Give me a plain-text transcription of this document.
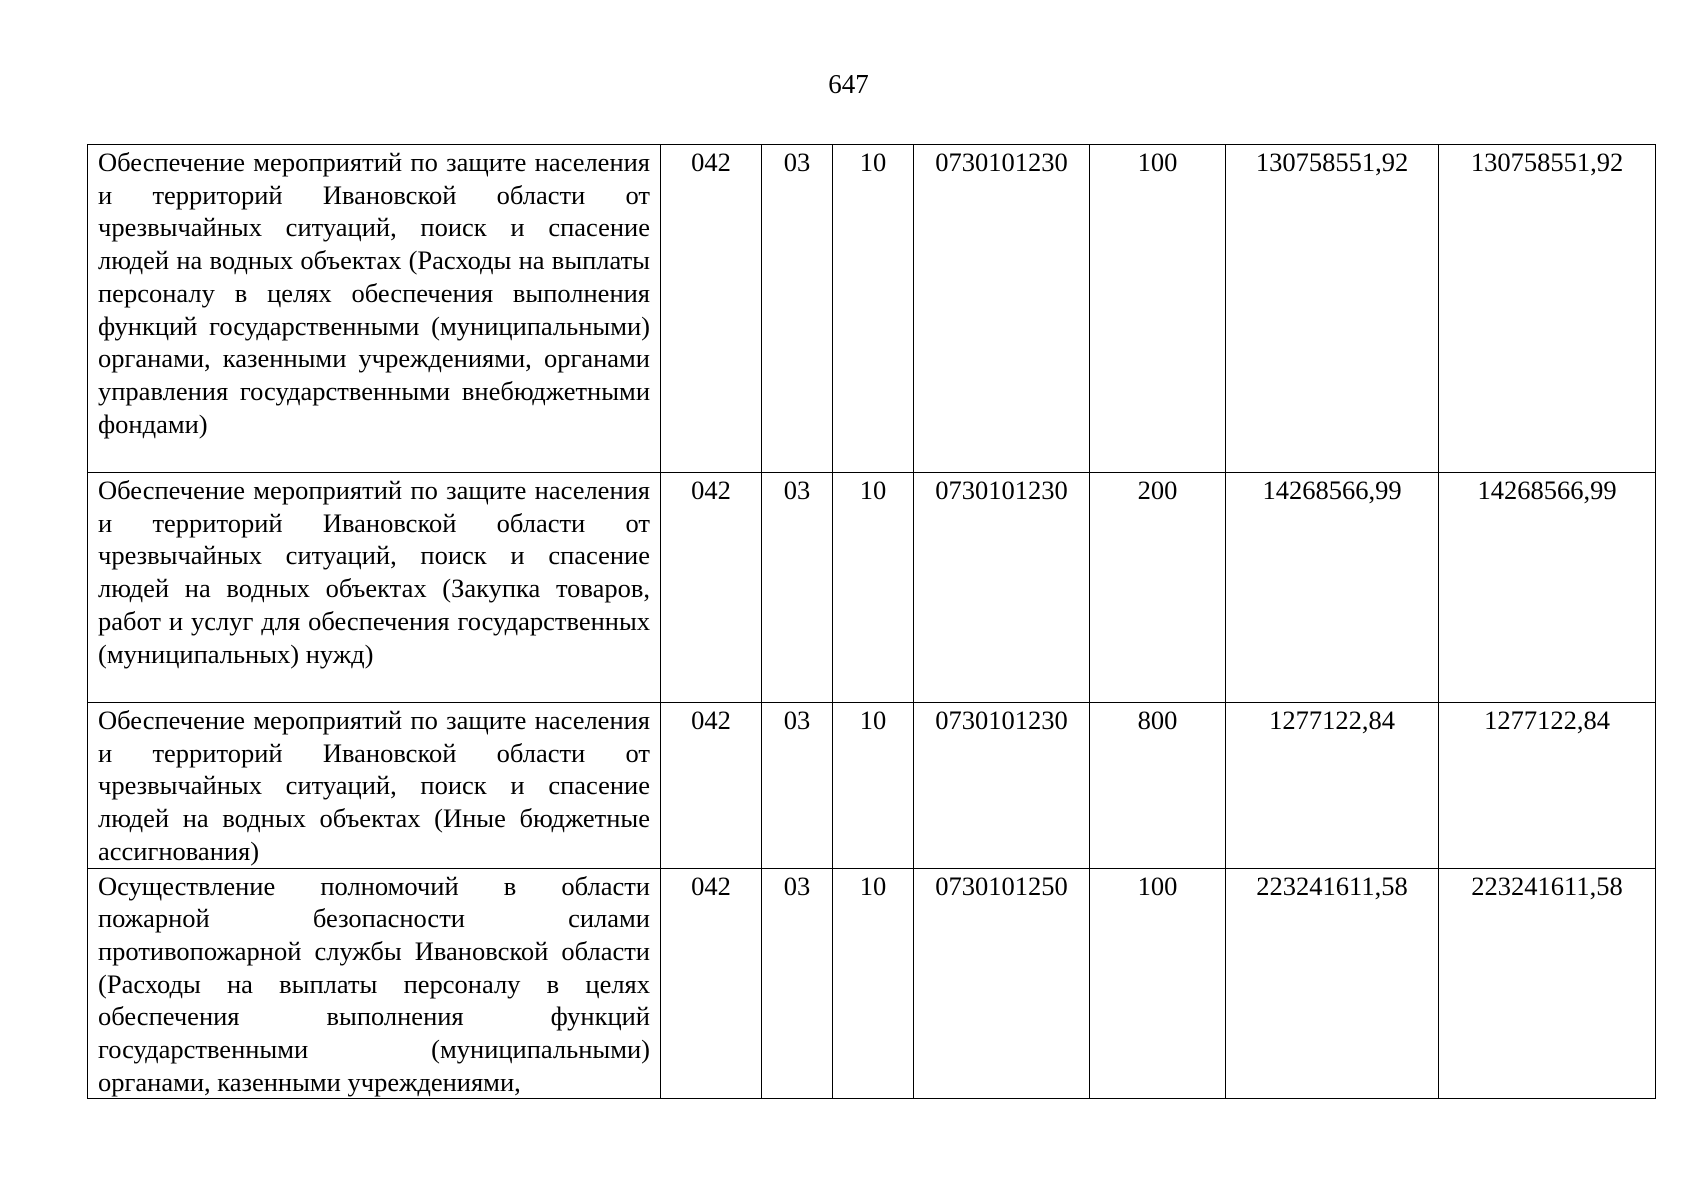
647
Обеспечение мероприятий по защите населения и территорий Ивановской области от чрезвычайных ситуаций, поиск и спасение людей на водных объектах (Расходы на выплаты персоналу в целях обеспечения выполнения функций государственными (муниципальными) органами, казенными учреждениями, органами управления государственными внебюджетными фондами)	042	03	10	0730101230	100	130758551,92	130758551,92

Обеспечение мероприятий по защите населения и территорий Ивановской области от чрезвычайных ситуаций, поиск и спасение людей на водных объектах (Закупка товаров, работ и услуг для обеспечения государственных (муниципальных) нужд)	042	03	10	0730101230	200	14268566,99	14268566,99

Обеспечение мероприятий по защите населения и территорий Ивановской области от чрезвычайных ситуаций, поиск и спасение людей на водных объектах (Иные бюджетные ассигнования)	042	03	10	0730101230	800	1277122,84	1277122,84

Осуществление полномочий в области пожарной безопасности силами противопожарной службы Ивановской области (Расходы на выплаты персоналу в целях обеспечения выполнения функций государственными (муниципальными) органами, казенными учреждениями,	042	03	10	0730101250	100	223241611,58	223241611,58
